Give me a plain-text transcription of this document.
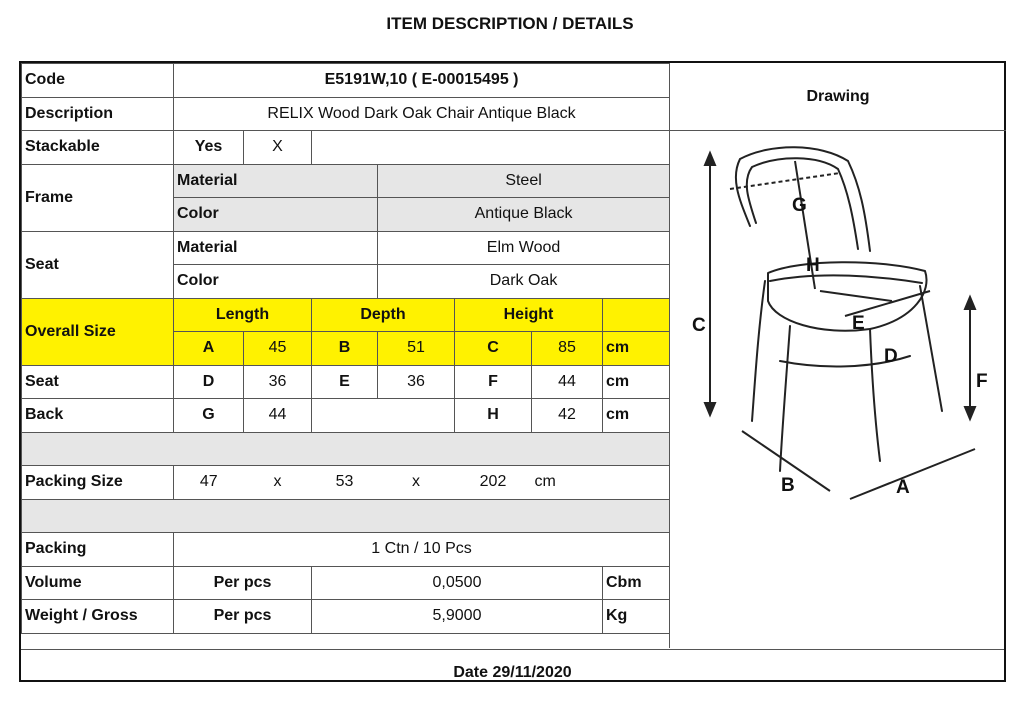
ITEM DESCRIPTION / DETAILS
Code	E5191W,10 ( E-00015495 )						
Description	RELIX Wood Dark Oak Chair Antique Black						
Stackable	Yes	X					
Frame	Material			Steel			
	Color			Antique Black			
Seat	Material			Elm Wood			
	Color			Dark Oak			
Overall Size	Length		Depth		Height		
	A	45	B	51	C	85	cm
Seat	D	36	E	36	F	44	cm
Back	G	44			H	42	cm

Packing Size	47	x	53	x	202	cm	

Packing	1 Ctn / 10 Pcs						
Volume	Per pcs		0,0500				Cbm
Weight / Gross	Per pcs		5,9000				Kg
Drawing
G
H
C	E
D
F
B	A
Date 29/11/2020
